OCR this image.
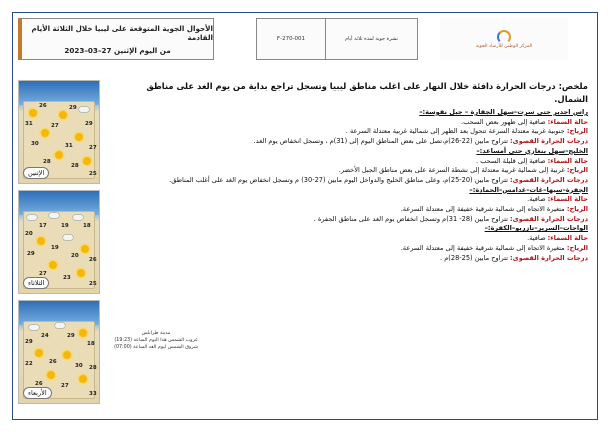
الأحوال الجوية المتوقعة على ليبيا خلال الثلاثة الأيام القادمة
من اليوم الإثنين 27–03–2023
F-270-001	نشرة جوية لمدة ثلاثة أيام
المركز الوطني للأرصاد الجوية
26	29
31	27	29
30	31
28
28
27
25
الإثنين
17	19	18
20
19
29	20
27
23
26
25
الثلاثاء
24	29
29	18
26
22	30
26	27
28
33
الأربعاء
مدينة طرابلس
غروب الشمس هذا اليوم الساعة (19:23)
شروق الشمس ليوم الغد الساعة (07:00)
ملخص: درجات الحرارة دافئة خلال النهار على اغلب مناطق ليبيا وتسجل تراجع بداية من يوم الغد على مناطق الشمال.
راس اجدير حتى سرت–سهل الجفارة – جبل نفوسة:–
حالة السماء: صافية إلى ظهور بعض السحب.
الرياح: جنوبية غربية معتدلة السرعة تتحول بعد الظهر إلى شمالية غربية معتدلة السرعة .
درجات الحرارة القصوى: تتراوح مابين (22-26)م،تصل على بعض المناطق اليوم إلى (31)م ، وتسجل انخفاض يوم الغد.
الخليج–سهل بنغازي حتى أمساعد:–
حالة السماء: صافية إلى قليلة السحب .
الرياح: غربية إلى شمالية غربية معتدلة إلى نشطة السرعة على بعض مناطق الجبل الأخضر.
درجات الحرارة القصوى: تتراوح مابين (20-25)م، وعلى مناطق الخليج والدواخل اليوم مابين (27-30) م وتسجل انخفاض يوم الغد على أغلب المناطق.
الجفرة–سبها–غات–غدامس–الحمادة:–
حالة السماء: صافية.
الرياح: متغيرة الاتجاه إلى شمالية شرقية خفيفة إلى معتدلة السرعة.
درجات الحرارة القصوى: تتراوح مابين (28- 31)م وتسجل انخفاض يوم الغد على مناطق الجفرة .
الواحات–السرير–تازربو–الكفرة:–
حالة السماء: صافية.
الرياح: متغيرة الاتجاه إلى شمالية شرقية خفيفة إلى معتدلة السرعة.
درجات الحرارة القصوى: تتراوح مابين (25-28)م .
